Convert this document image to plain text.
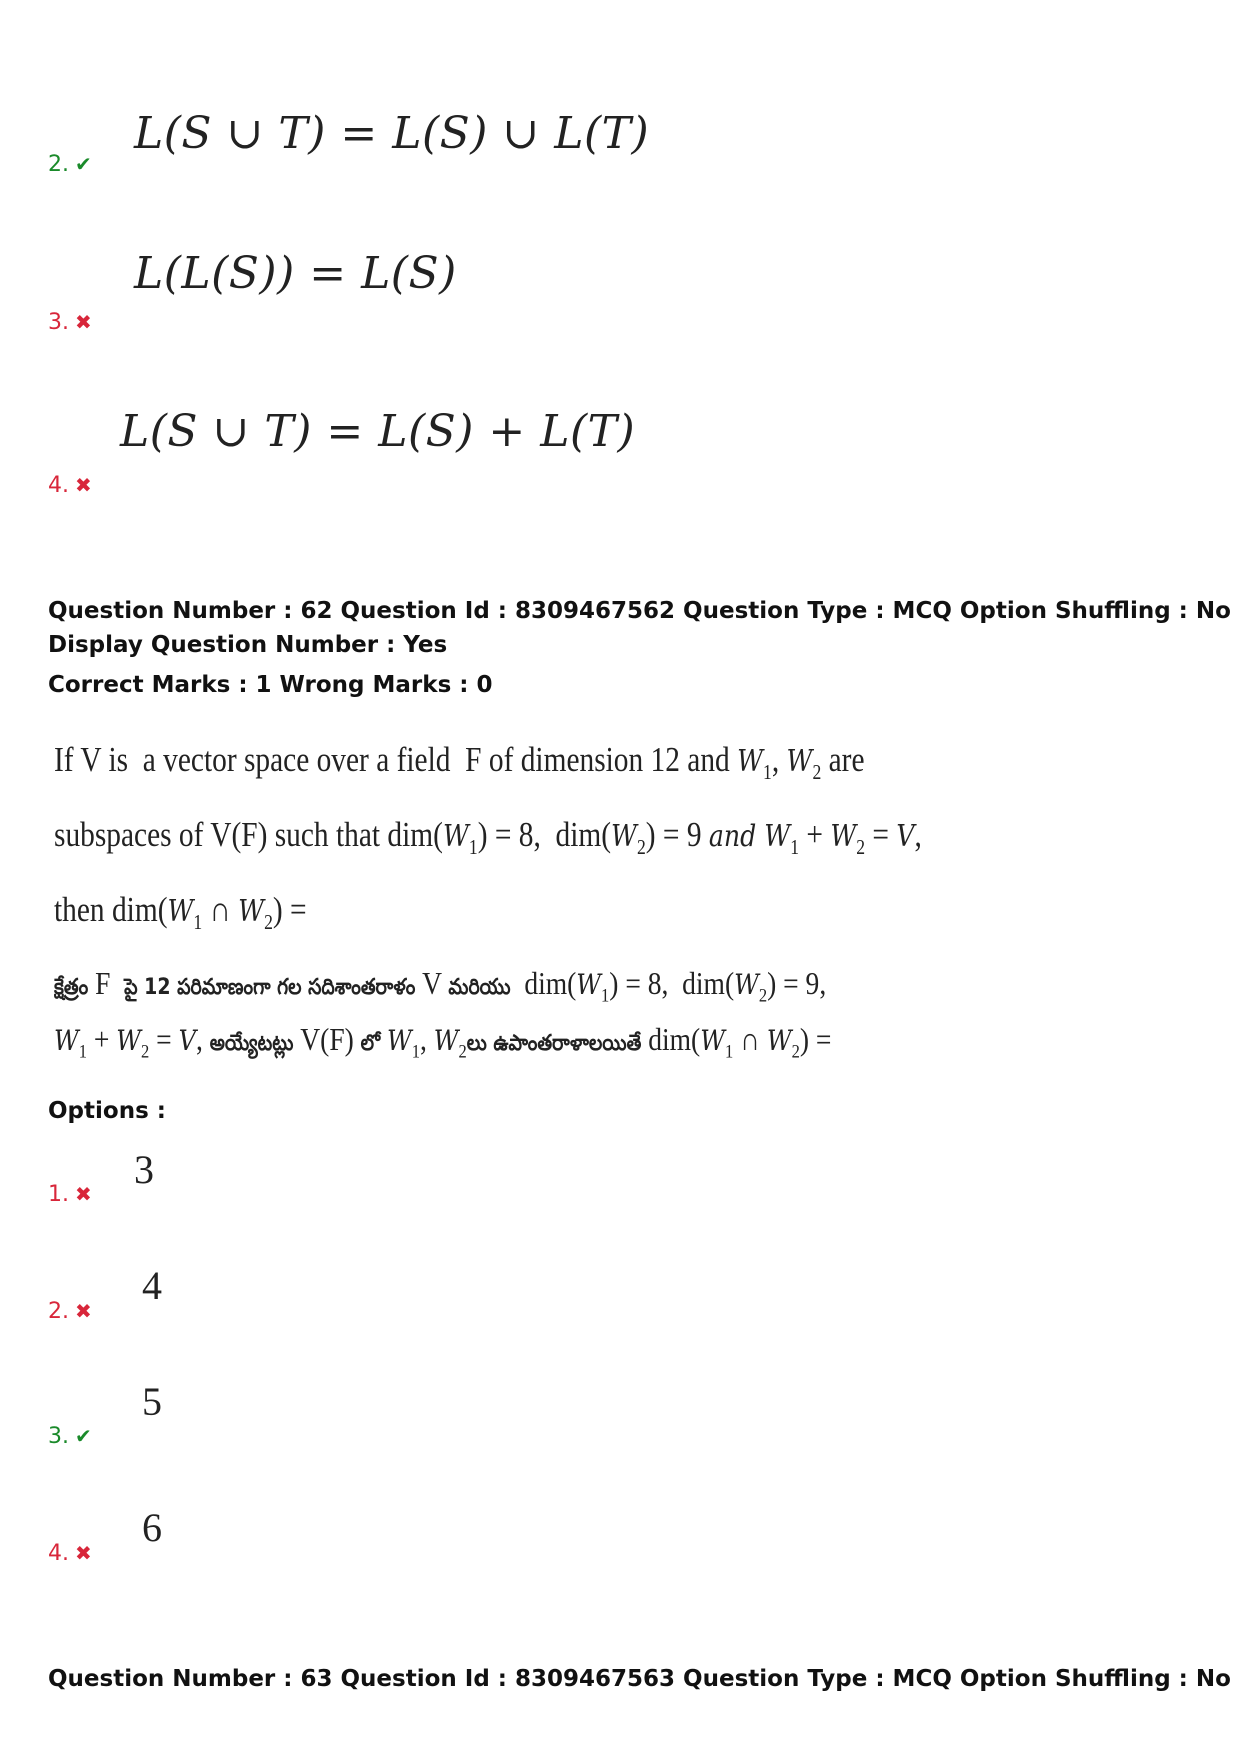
2. ✔
L(S ∪ T) = L(S) ∪ L(T)
3. ✖
L(L(S)) = L(S)
4. ✖
L(S ∪ T) = L(S) + L(T)
Question Number : 62 Question Id : 8309467562 Question Type : MCQ Option Shuffling : No
Display Question Number : Yes
Correct Marks : 1 Wrong Marks : 0
If V is  a vector space over a field  F of dimension 12 and $W_1$, $W_2$ are
subspaces of V(F) such that $dim(W_1) = 8$,  $dim(W_2) = 9$ and $W_1 + W_2 = V$,
then $dim(W_1$ ∩ $W_2$) =
క్షేత్రం F  పై 12 పరిమాణంగా గల సదిశాంతరాళం V మరియు  $dim(W_1) = 8$,  $dim(W_2) = 9$,
$W_1 + W_2 = V$, అయ్యేటట్లు V(F) లో $W_1$, $W_2లు$ ఉపాంతరాళాలయితే $dim(W_1$ ∩ $W_2$) =
Options :
1. ✖
3
2. ✖
4
3. ✔
5
4. ✖
6
Question Number : 63 Question Id : 8309467563 Question Type : MCQ Option Shuffling : No
